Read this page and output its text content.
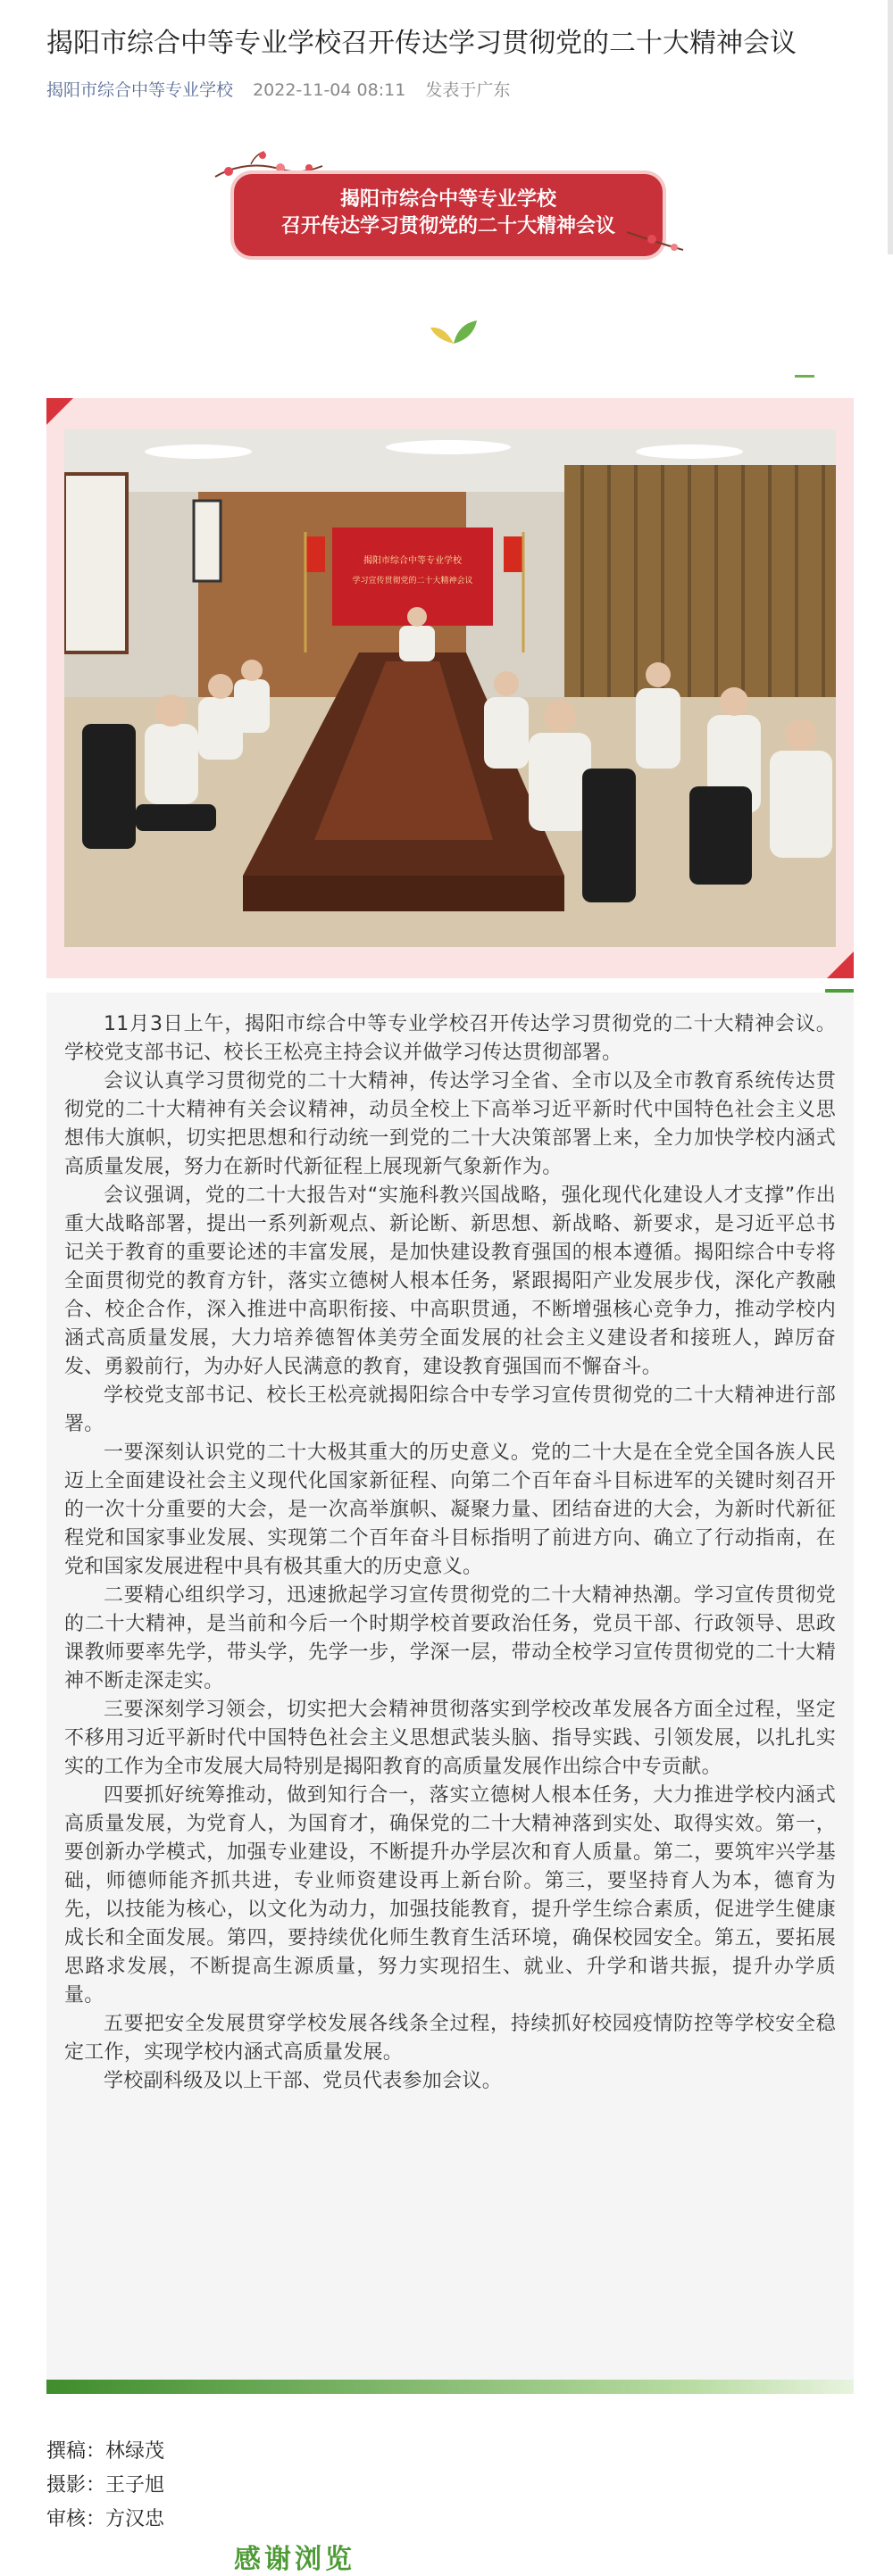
揭阳市综合中等专业学校召开传达学习贯彻党的二十大精神会议
揭阳市综合中等专业学校 2022-11-04 08:11 发表于广东
揭阳市综合中等专业学校
召开传达学习贯彻党的二十大精神会议
揭阳市综合中等专业学校
学习宣传贯彻党的二十大精神会议

11月3日上午，揭阳市综合中等专业学校召开传达学习贯彻党的二十大精神会议。学校党支部书记、校长王松亮主持会议并做学习传达贯彻部署。

会议认真学习贯彻党的二十大精神，传达学习全省、全市以及全市教育系统传达贯彻党的二十大精神有关会议精神，动员全校上下高举习近平新时代中国特色社会主义思想伟大旗帜，切实把思想和行动统一到党的二十大决策部署上来，全力加快学校内涵式高质量发展，努力在新时代新征程上展现新气象新作为。

会议强调，党的二十大报告对“实施科教兴国战略，强化现代化建设人才支撑”作出重大战略部署，提出一系列新观点、新论断、新思想、新战略、新要求，是习近平总书记关于教育的重要论述的丰富发展，是加快建设教育强国的根本遵循。揭阳综合中专将全面贯彻党的教育方针，落实立德树人根本任务，紧跟揭阳产业发展步伐，深化产教融合、校企合作，深入推进中高职衔接、中高职贯通，不断增强核心竞争力，推动学校内涵式高质量发展，大力培养德智体美劳全面发展的社会主义建设者和接班人，踔厉奋发、勇毅前行，为办好人民满意的教育，建设教育强国而不懈奋斗。

学校党支部书记、校长王松亮就揭阳综合中专学习宣传贯彻党的二十大精神进行部署。

一要深刻认识党的二十大极其重大的历史意义。党的二十大是在全党全国各族人民迈上全面建设社会主义现代化国家新征程、向第二个百年奋斗目标进军的关键时刻召开的一次十分重要的大会，是一次高举旗帜、凝聚力量、团结奋进的大会，为新时代新征程党和国家事业发展、实现第二个百年奋斗目标指明了前进方向、确立了行动指南，在党和国家发展进程中具有极其重大的历史意义。

二要精心组织学习，迅速掀起学习宣传贯彻党的二十大精神热潮。学习宣传贯彻党的二十大精神，是当前和今后一个时期学校首要政治任务，党员干部、行政领导、思政课教师要率先学，带头学，先学一步，学深一层，带动全校学习宣传贯彻党的二十大精神不断走深走实。

三要深刻学习领会，切实把大会精神贯彻落实到学校改革发展各方面全过程，坚定不移用习近平新时代中国特色社会主义思想武装头脑、指导实践、引领发展，以扎扎实实的工作为全市发展大局特别是揭阳教育的高质量发展作出综合中专贡献。

四要抓好统筹推动，做到知行合一，落实立德树人根本任务，大力推进学校内涵式高质量发展，为党育人，为国育才，确保党的二十大精神落到实处、取得实效。第一，要创新办学模式，加强专业建设，不断提升办学层次和育人质量。第二，要筑牢兴学基础，师德师能齐抓共进，专业师资建设再上新台阶。第三，要坚持育人为本，德育为先，以技能为核心，以文化为动力，加强技能教育，提升学生综合素质，促进学生健康成长和全面发展。第四，要持续优化师生教育生活环境，确保校园安全。第五，要拓展思路求发展，不断提高生源质量，努力实现招生、就业、升学和谐共振，提升办学质量。

五要把安全发展贯穿学校发展各线条全过程，持续抓好校园疫情防控等学校安全稳定工作，实现学校内涵式高质量发展。

学校副科级及以上干部、党员代表参加会议。

撰稿：林绿茂
摄影：王子旭
审核：方汉忠
感谢浏览
